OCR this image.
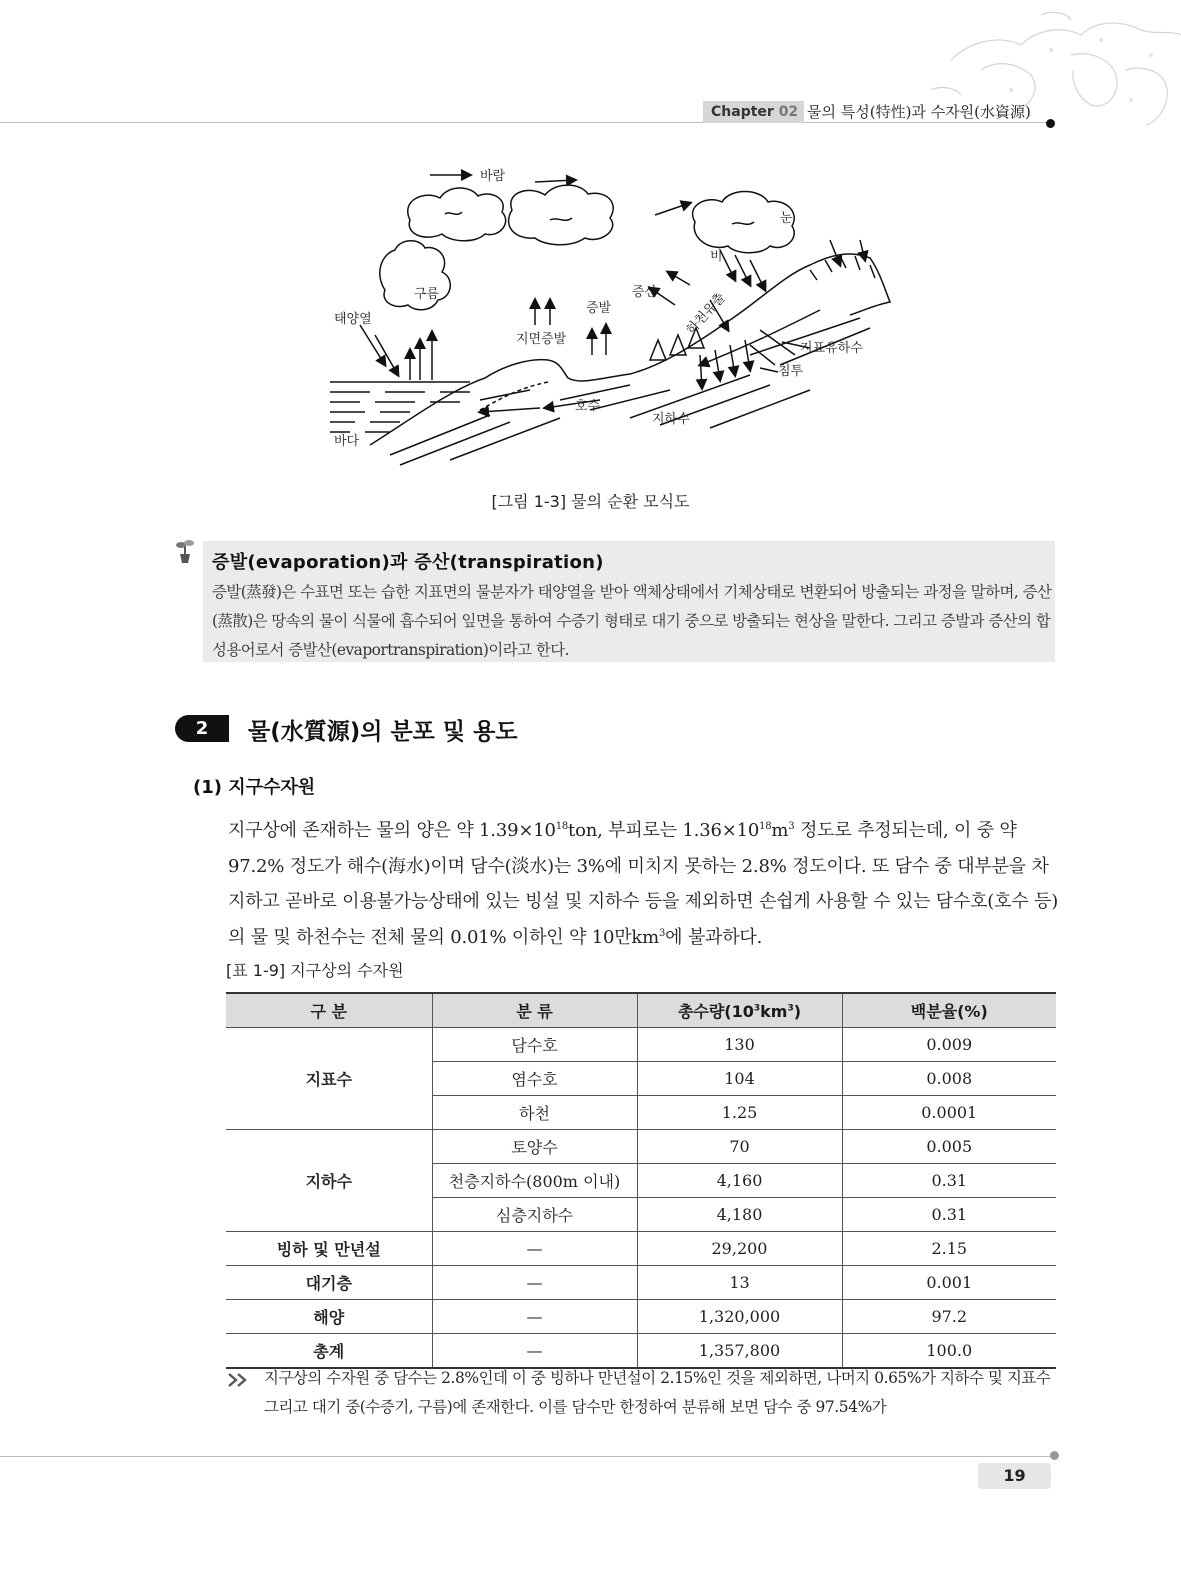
Chapter 02 물의 특성(特性)과 수자원(水資源)
바람
눈
비
구름
태양열
증발
증산
지면증발
하천유출
지표유하수
침투
호수
지하수
바다
[그림 1-3] 물의 순환 모식도
증발(evaporation)과 증산(transpiration)
증발(蒸發)은 수표면 또는 습한 지표면의 물분자가 태양열을 받아 액체상태에서 기체상태로 변환되어 방출되는 과정을 말하며, 증산(蒸散)은 땅속의 물이 식물에 흡수되어 잎면을 통하여 수증기 형태로 대기 중으로 방출되는 현상을 말한다. 그리고 증발과 증산의 합성용어로서 증발산(evaportranspiration)이라고 한다.
2	물(水質源)의 분포 및 용도
(1) 지구수자원
지구상에 존재하는 물의 양은 약 $1.39\times 10^{18}ton$, 부피로는 $1.36\times 10^{18}m^3$ 정도로 추정되는데, 이 중 약 97.2% 정도가 해수(海水)이며 담수(淡水)는 3%에 미치지 못하는 2.8% 정도이다. 또 담수 중 대부분을 차지하고 곧바로 이용불가능상태에 있는 빙설 및 지하수 등을 제외하면 손쉽게 사용할 수 있는 담수호(호수 등)의 물 및 하천수는 전체 물의 0.01% 이하인 약 10만$km^3$에 불과하다.
[표 1-9] 지구상의 수자원
구 분	분 류	총수량$(10^3km^3)$	백분율(%)
지표수	담수호	130	0.009
	염수호	104	0.008
	하천	1.25	0.0001
지하수	토양수	70	0.005
	천층지하수(800m 이내)	4,160	0.31
	심층지하수	4,180	0.31
빙하 및 만년설	—	29,200	2.15
대기층	—	13	0.001
해양	—	1,320,000	97.2
총계	—	1,357,800	100.0
지구상의 수자원 중 담수는 2.8%인데 이 중 빙하나 만년설이 2.15%인 것을 제외하면, 나머지 0.65%가 지하수 및 지표수 그리고 대기 중(수증기, 구름)에 존재한다. 이를 담수만 한정하여 분류해 보면 담수 중 97.54%가
19
